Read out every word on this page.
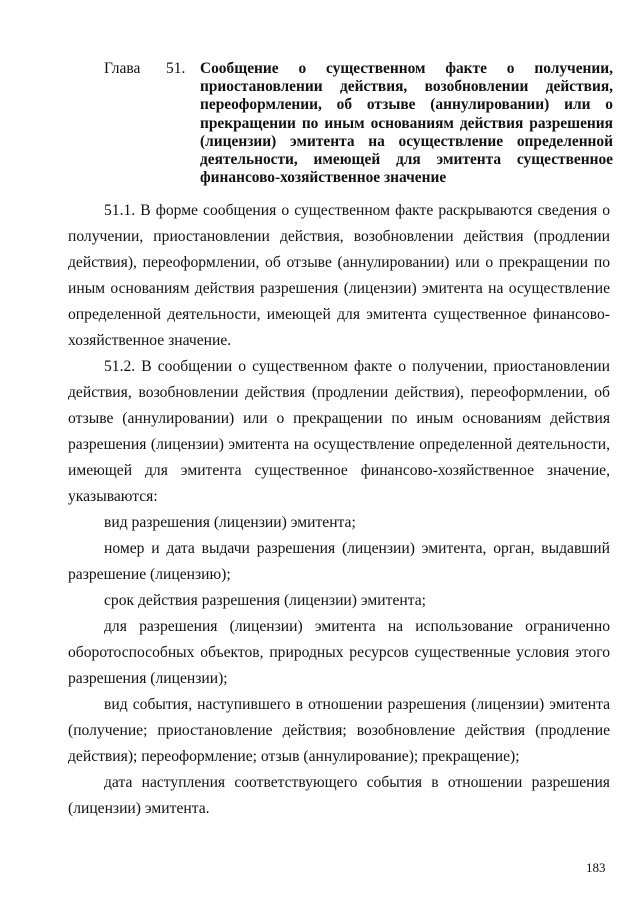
Глава 51. Сообщение о существенном факте о получении, приостановлении действия, возобновлении действия, переоформлении, об отзыве (аннулировании) или о прекращении по иным основаниям действия разрешения (лицензии) эмитента на осуществление определенной деятельности, имеющей для эмитента существенное финансово-хозяйственное значение

51.1. В форме сообщения о существенном факте раскрываются сведения о получении, приостановлении действия, возобновлении действия (продлении действия), переоформлении, об отзыве (аннулировании) или о прекращении по иным основаниям действия разрешения (лицензии) эмитента на осуществление определенной деятельности, имеющей для эмитента существенное финансово-хозяйственное значение.

51.2. В сообщении о существенном факте о получении, приостановлении действия, возобновлении действия (продлении действия), переоформлении, об отзыве (аннулировании) или о прекращении по иным основаниям действия разрешения (лицензии) эмитента на осуществление определенной деятельности, имеющей для эмитента существенное финансово-хозяйственное значение, указываются:

вид разрешения (лицензии) эмитента;

номер и дата выдачи разрешения (лицензии) эмитента, орган, выдавший разрешение (лицензию);

срок действия разрешения (лицензии) эмитента;

для разрешения (лицензии) эмитента на использование ограниченно оборотоспособных объектов, природных ресурсов существенные условия этого разрешения (лицензии);

вид события, наступившего в отношении разрешения (лицензии) эмитента (получение; приостановление действия; возобновление действия (продление действия); переоформление; отзыв (аннулирование); прекращение);

дата наступления соответствующего события в отношении разрешения (лицензии) эмитента.

183
